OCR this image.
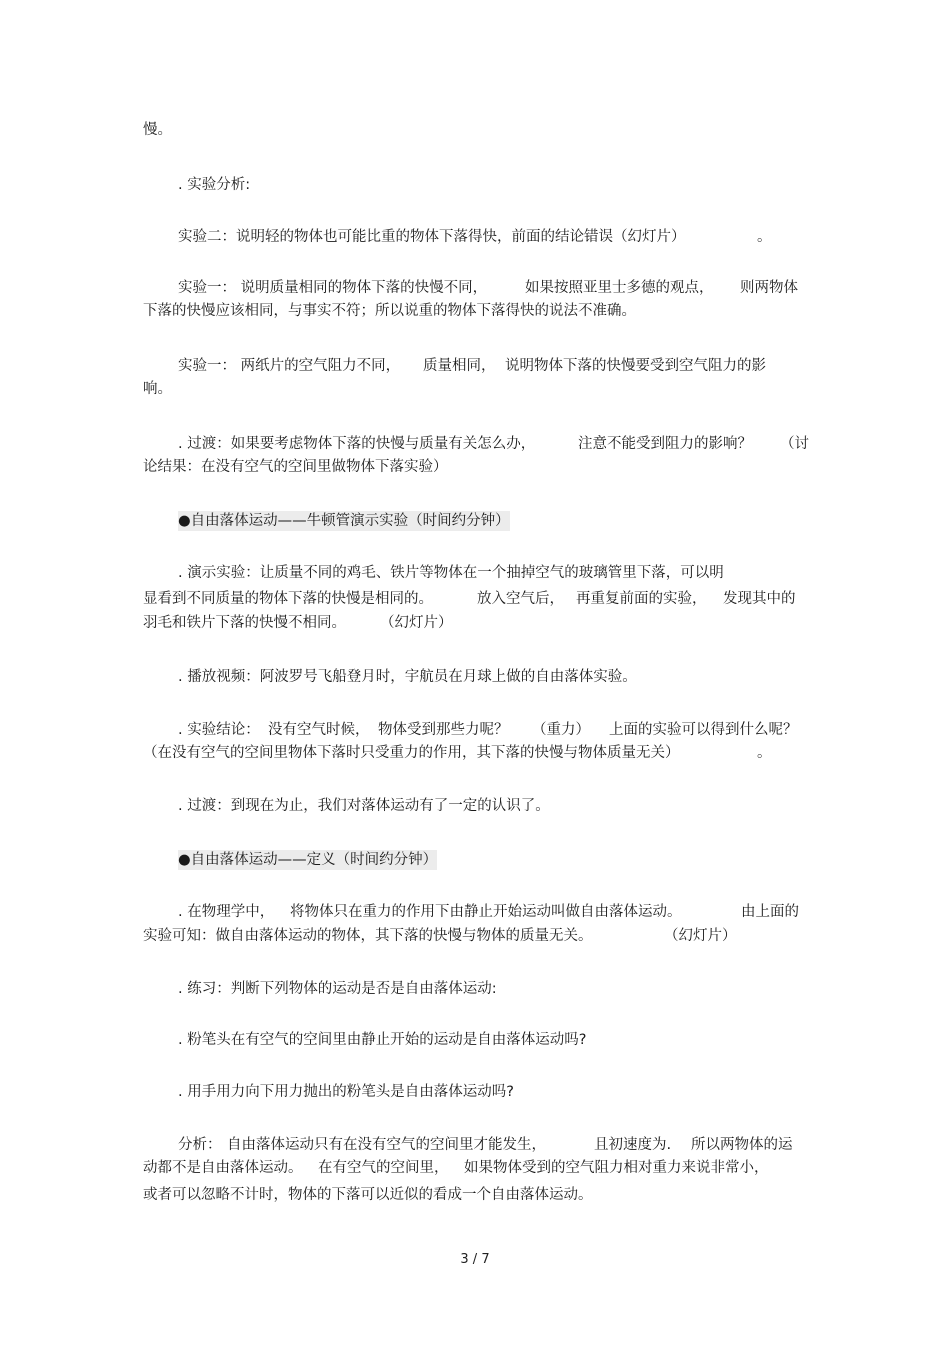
慢。
. 实验分析:
实验二：说明轻的物体也可能比重的物体下落得快，前面的结论错误（幻灯片）	。
实验一： 说明质量相同的物体下落的快慢不同，	如果按照亚里士多德的观点， 则两物体
下落的快慢应该相同，与事实不符；所以说重的物体下落得快的说法不准确。
实验一： 两纸片的空气阻力不同， 质量相同， 说明物体下落的快慢要受到空气阻力的影
响。
. 过渡：如果要考虑物体下落的快慢与质量有关怎么办，	注意不能受到阻力的影响？ （讨
论结果：在没有空气的空间里做物体下落实验）
●自由落体运动——牛顿管演示实验（时间约分钟）
. 演示实验：让质量不同的鸡毛、铁片等物体在一个抽掉空气的玻璃管里下落，可以明
显看到不同质量的物体下落的快慢是相同的。	放入空气后， 再重复前面的实验， 发现其中的
羽毛和铁片下落的快慢不相同。 （幻灯片）
. 播放视频：阿波罗号飞船登月时，宇航员在月球上做的自由落体实验。
. 实验结论： 没有空气时候， 物体受到那些力呢？ （重力） 上面的实验可以得到什么呢？
（在没有空气的空间里物体下落时只受重力的作用，其下落的快慢与物体质量无关）	。
. 过渡：到现在为止，我们对落体运动有了一定的认识了。
●自由落体运动——定义（时间约分钟）
. 在物理学中， 将物体只在重力的作用下由静止开始运动叫做自由落体运动。	由上面的
实验可知：做自由落体运动的物体，其下落的快慢与物体的质量无关。	（幻灯片）
. 练习：判断下列物体的运动是否是自由落体运动:
. 粉笔头在有空气的空间里由静止开始的运动是自由落体运动吗?
. 用手用力向下用力抛出的粉笔头是自由落体运动吗?
分析： 自由落体运动只有在没有空气的空间里才能发生，	且初速度为. 所以两物体的运
动都不是自由落体运动。 在有空气的空间里， 如果物体受到的空气阻力相对重力来说非常小，
或者可以忽略不计时，物体的下落可以近似的看成一个自由落体运动。
3 / 7
